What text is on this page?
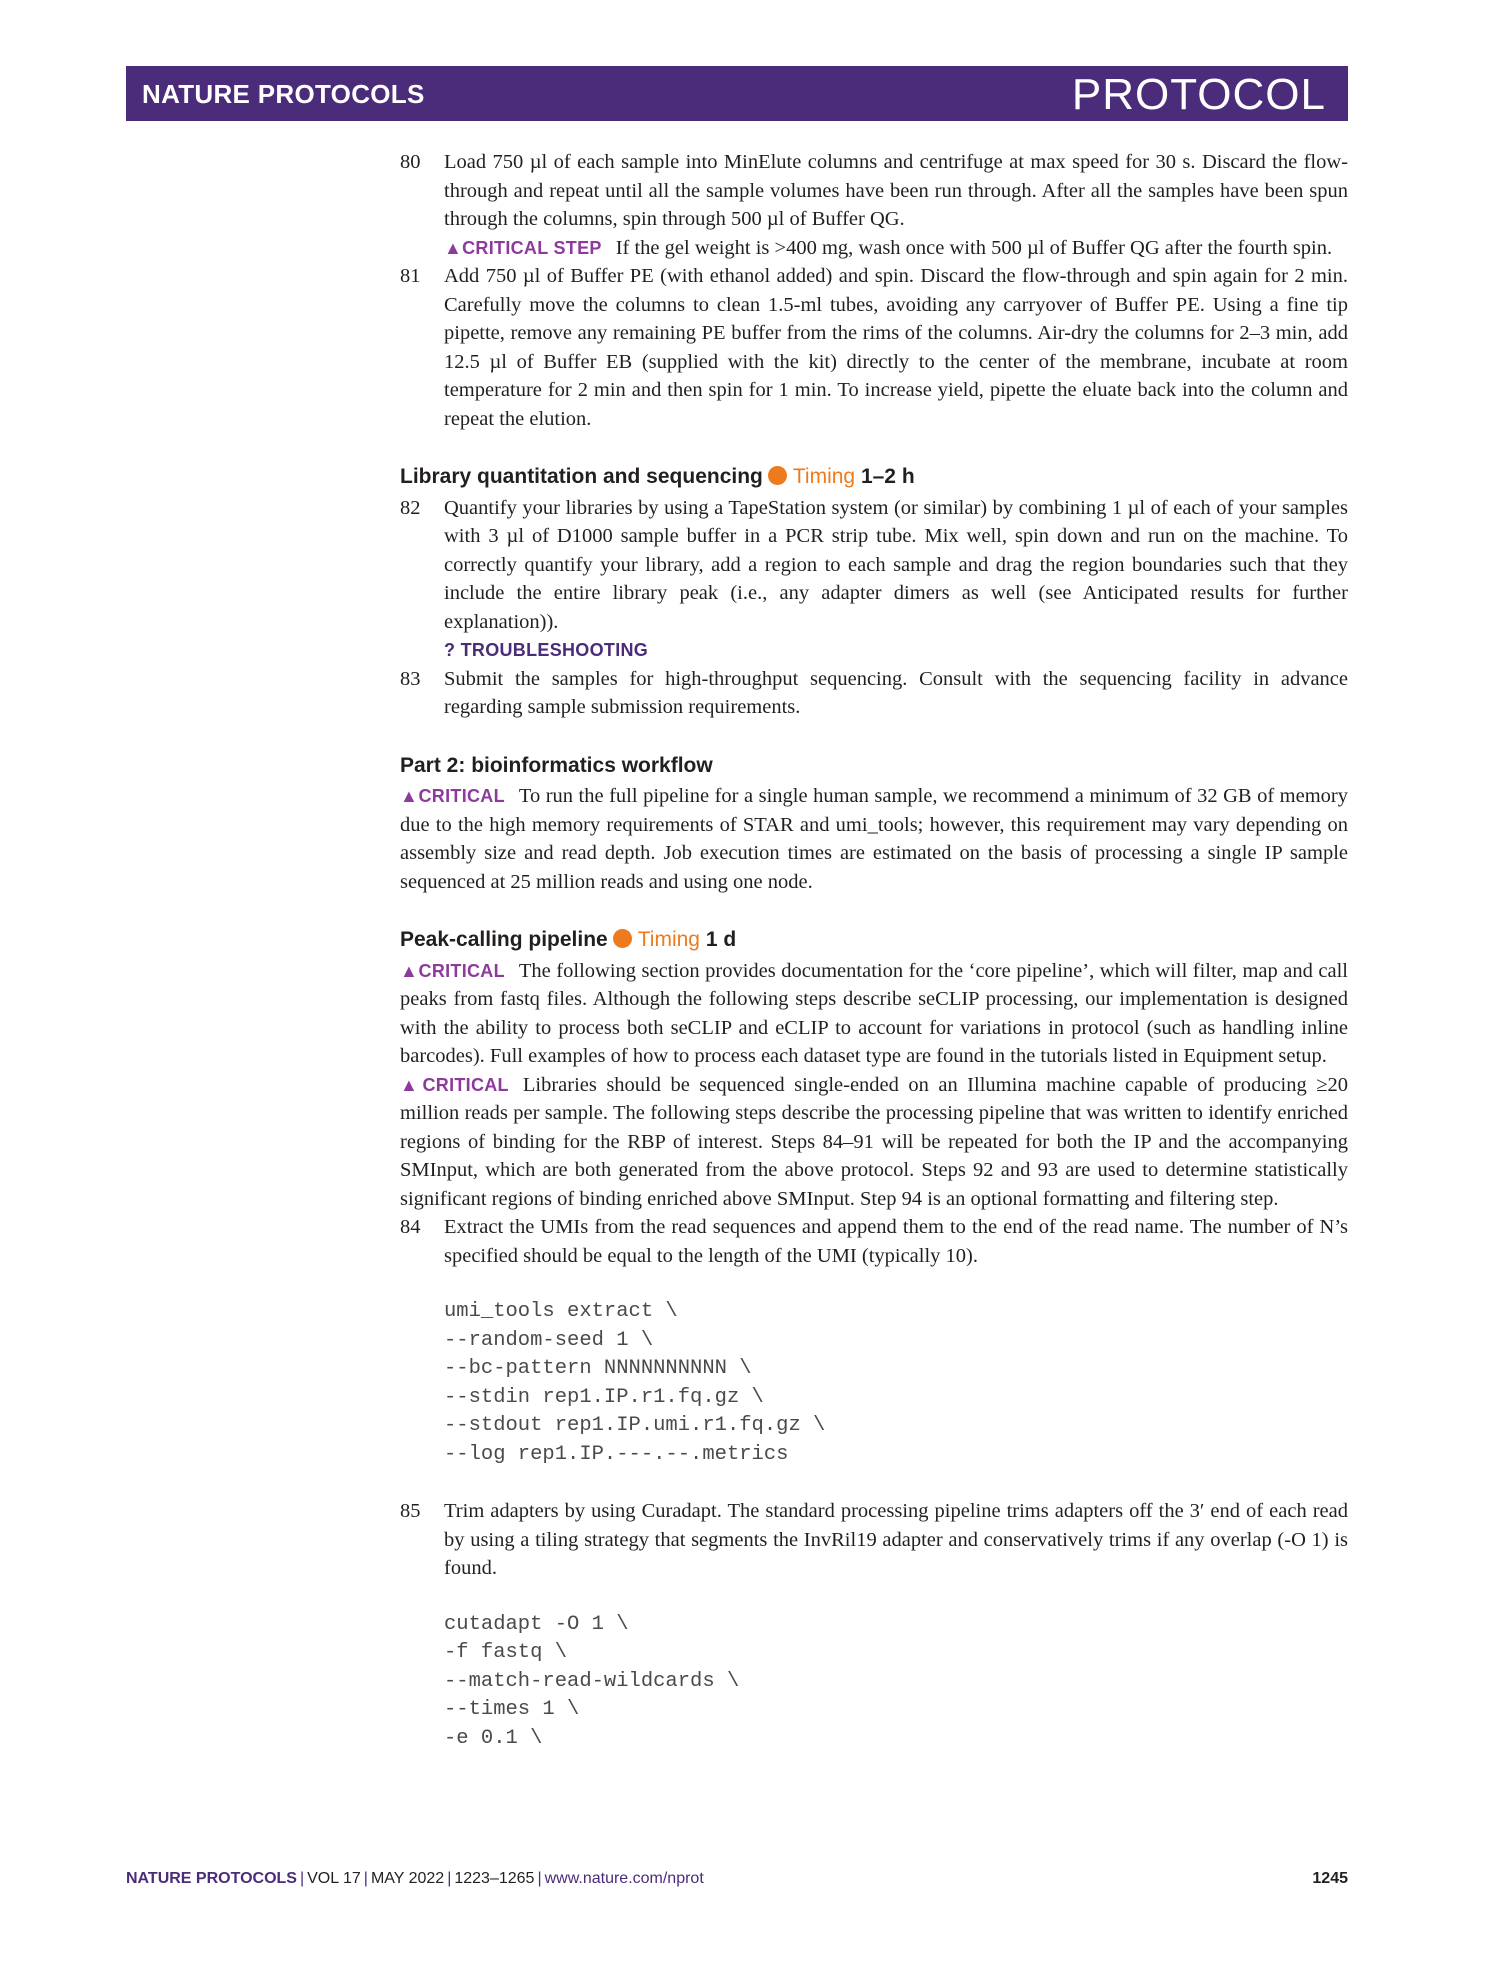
NATURE PROTOCOLS	PROTOCOL
80 Load 750 µl of each sample into MinElute columns and centrifuge at max speed for 30 s. Discard the flow-through and repeat until all the sample volumes have been run through. After all the samples have been spun through the columns, spin through 500 µl of Buffer QG.
▲CRITICAL STEP If the gel weight is >400 mg, wash once with 500 µl of Buffer QG after the fourth spin.
81 Add 750 µl of Buffer PE (with ethanol added) and spin. Discard the flow-through and spin again for 2 min. Carefully move the columns to clean 1.5-ml tubes, avoiding any carryover of Buffer PE. Using a fine tip pipette, remove any remaining PE buffer from the rims of the columns. Air-dry the columns for 2–3 min, add 12.5 µl of Buffer EB (supplied with the kit) directly to the center of the membrane, incubate at room temperature for 2 min and then spin for 1 min. To increase yield, pipette the eluate back into the column and repeat the elution.
Library quantitation and sequencing Timing 1–2 h
82 Quantify your libraries by using a TapeStation system (or similar) by combining 1 µl of each of your samples with 3 µl of D1000 sample buffer in a PCR strip tube. Mix well, spin down and run on the machine. To correctly quantify your library, add a region to each sample and drag the region boundaries such that they include the entire library peak (i.e., any adapter dimers as well (see Anticipated results for further explanation)).
? TROUBLESHOOTING
83 Submit the samples for high-throughput sequencing. Consult with the sequencing facility in advance regarding sample submission requirements.
Part 2: bioinformatics workflow
▲CRITICAL To run the full pipeline for a single human sample, we recommend a minimum of 32 GB of memory due to the high memory requirements of STAR and umi_tools; however, this requirement may vary depending on assembly size and read depth. Job execution times are estimated on the basis of processing a single IP sample sequenced at 25 million reads and using one node.
Peak-calling pipeline Timing 1 d
▲CRITICAL The following section provides documentation for the ‘core pipeline’, which will filter, map and call peaks from fastq files. Although the following steps describe seCLIP processing, our implementation is designed with the ability to process both seCLIP and eCLIP to account for variations in protocol (such as handling inline barcodes). Full examples of how to process each dataset type are found in the tutorials listed in Equipment setup.
▲CRITICAL Libraries should be sequenced single-ended on an Illumina machine capable of producing ≥20 million reads per sample. The following steps describe the processing pipeline that was written to identify enriched regions of binding for the RBP of interest. Steps 84–91 will be repeated for both the IP and the accompanying SMInput, which are both generated from the above protocol. Steps 92 and 93 are used to determine statistically significant regions of binding enriched above SMInput. Step 94 is an optional formatting and filtering step.
84 Extract the UMIs from the read sequences and append them to the end of the read name. The number of N’s specified should be equal to the length of the UMI (typically 10).
umi_tools extract \
--random-seed 1 \
--bc-pattern NNNNNNNNNN \
--stdin rep1.IP.r1.fq.gz \
--stdout rep1.IP.umi.r1.fq.gz \
--log rep1.IP.---.--.metrics
85 Trim adapters by using Curadapt. The standard processing pipeline trims adapters off the 3′ end of each read by using a tiling strategy that segments the InvRil19 adapter and conservatively trims if any overlap (-O 1) is found.
cutadapt -O 1 \
-f fastq \
--match-read-wildcards \
--times 1 \
-e 0.1 \
NATURE PROTOCOLS | VOL 17 | MAY 2022 | 1223–1265 | www.nature.com/nprot	1245
